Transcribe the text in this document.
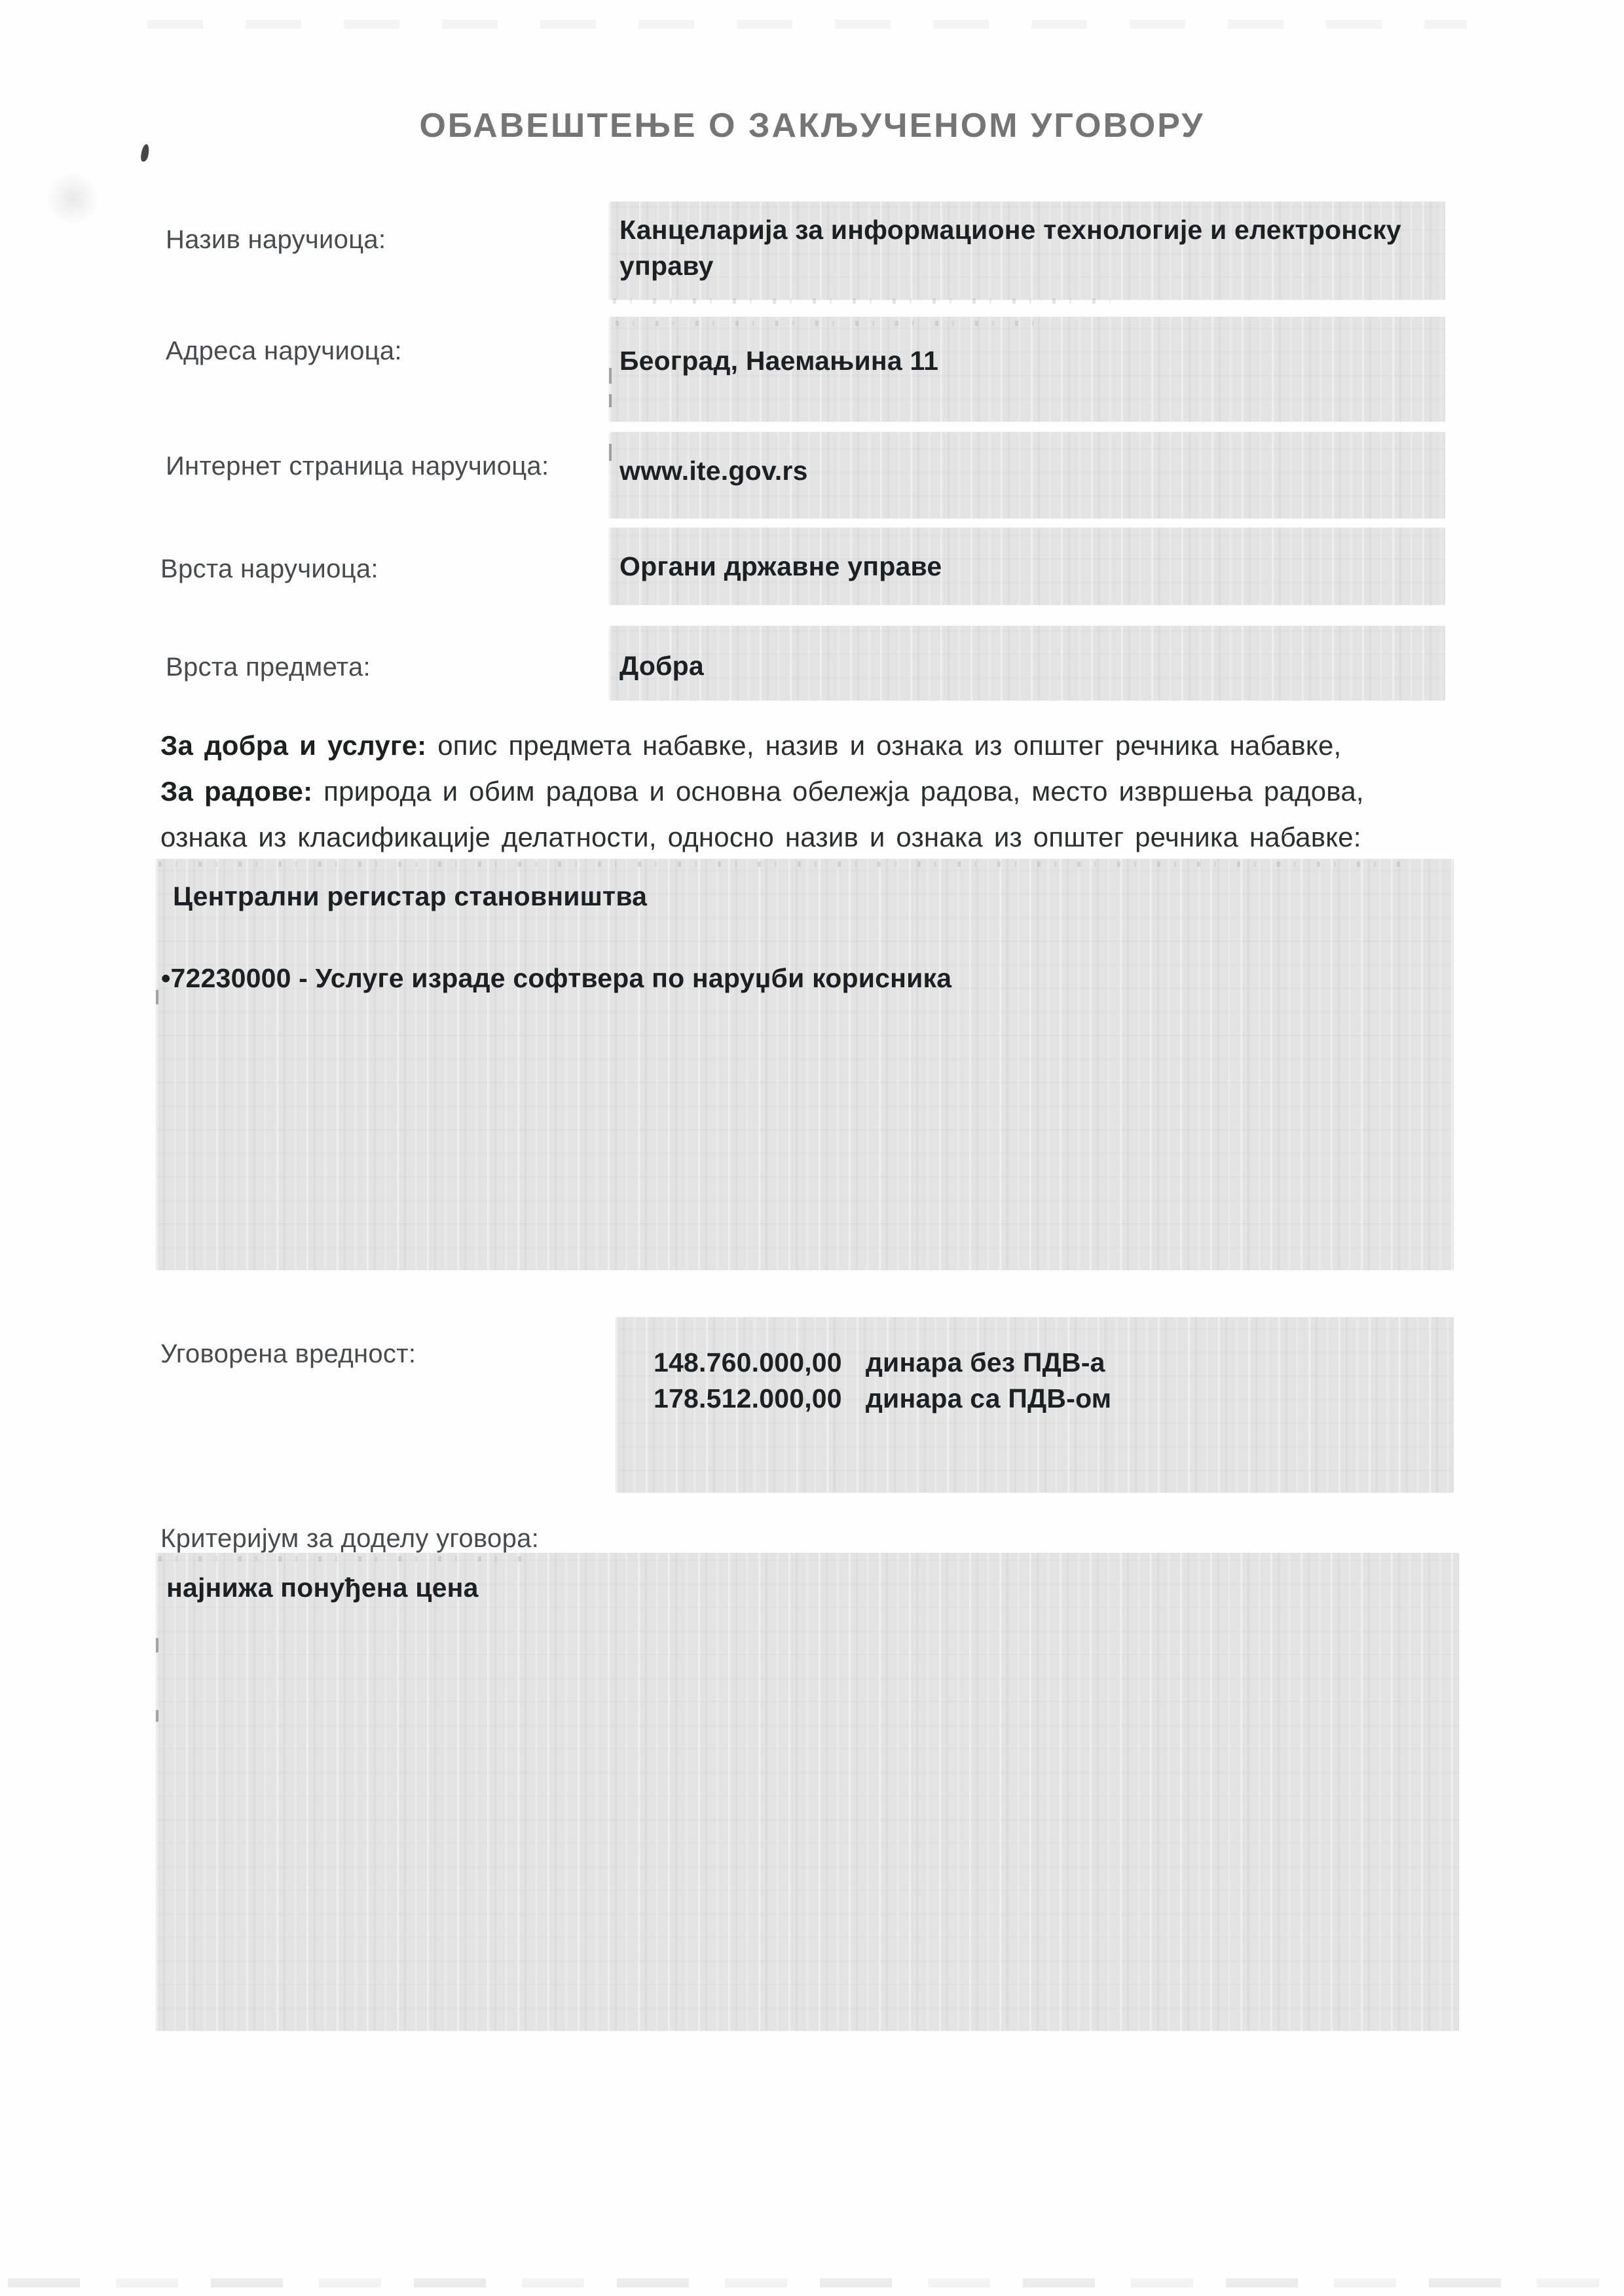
ОБАВЕШТЕЊЕ О ЗАКЉУЧЕНОМ УГОВОРУ
Назив наручиоца:	Канцеларија за информационе технологије и електронску
управу
Адреса наручиоца:	Београд, Наемањина 11
Интернет страница наручиоца:	www.ite.gov.rs
Врста наручиоца:	Органи државне управе
Врста предмета:	Добра
За добра и услуге: опис предмета набавке, назив и ознака из општег речника набавке,
За радове: природа и обим радова и основна обележја радова, место извршења радова,
ознака из класификације делатности, односно назив и ознака из општег речника набавке:
Централни регистар становништва
•72230000 - Услуге израде софтвера по наруџби корисника
Уговорена вредност:	148.760.000,00 динара без ПДВ-а
178.512.000,00 динара са ПДВ-ом
Критеријум за доделу уговора:
најнижа понуђена цена
